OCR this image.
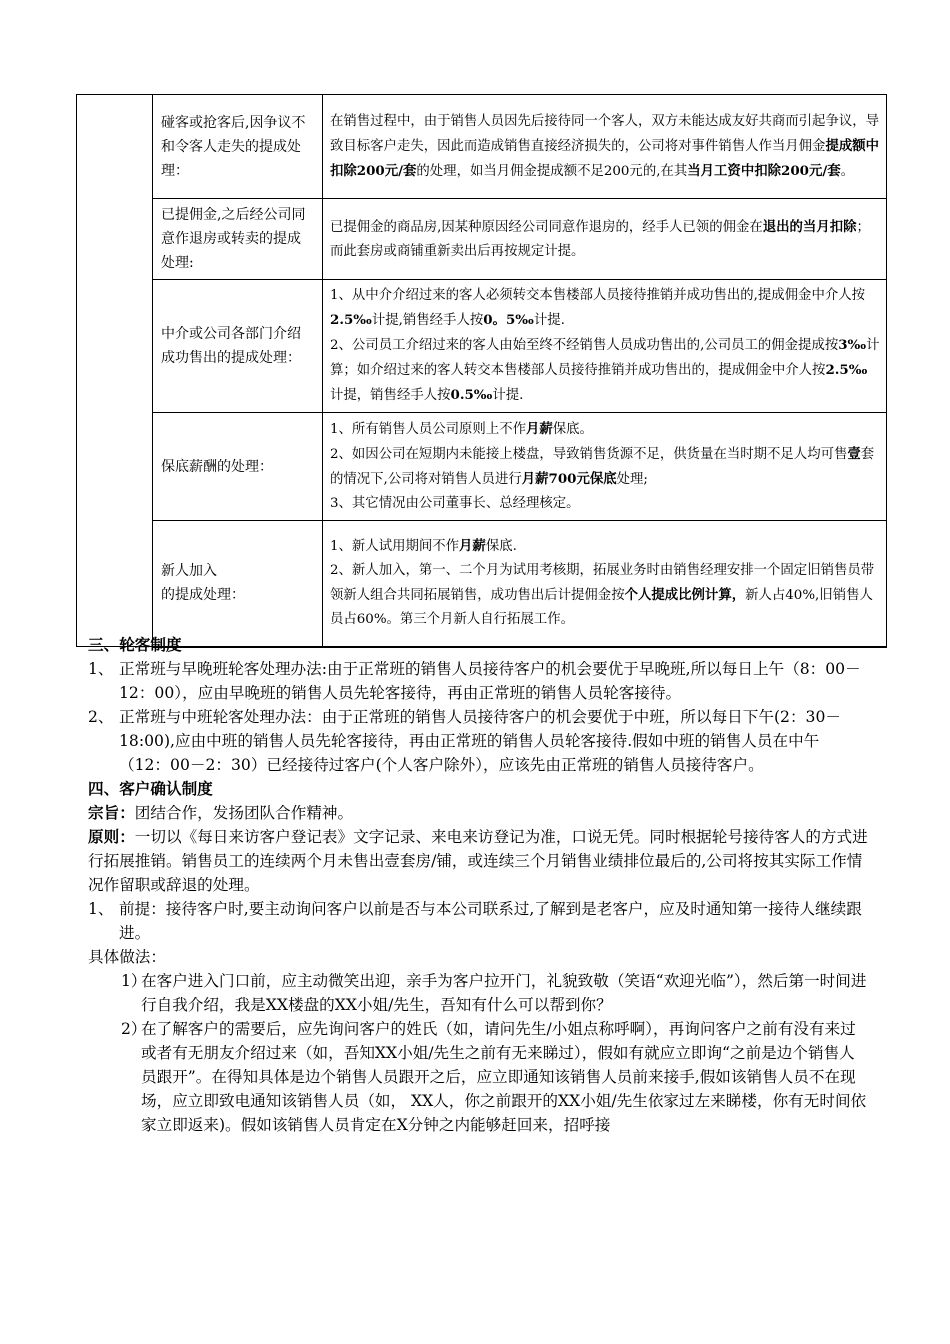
	碰客或抢客后,因争议不和令客人走失的提成处理：	在销售过程中，由于销售人员因先后接待同一个客人，双方未能达成友好共商而引起争议，导致目标客户走失，因此而造成销售直接经济损失的，公司将对事件销售人作当月佣金提成额中扣除200元/套的处理，如当月佣金提成额不足200元的,在其当月工资中扣除200元/套。
	已提佣金,之后经公司同意作退房或转卖的提成处理:	已提佣金的商品房,因某种原因经公司同意作退房的，经手人已领的佣金在退出的当月扣除；而此套房或商铺重新卖出后再按规定计提。
	中介或公司各部门介绍成功售出的提成处理：	1、从中介介绍过来的客人必须转交本售楼部人员接待推销并成功售出的,提成佣金中介人按2.5‰计提,销售经手人按0。5‰计提.
2、公司员工介绍过来的客人由始至终不经销售人员成功售出的,公司员工的佣金提成按3‰计算；如介绍过来的客人转交本售楼部人员接待推销并成功售出的，提成佣金中介人按2.5‰计提，销售经手人按0.5‰计提.
	保底薪酬的处理：	1、所有销售人员公司原则上不作月薪保底。
2、如因公司在短期内未能接上楼盘，导致销售货源不足，供货量在当时期不足人均可售壹套的情况下,公司将对销售人员进行月薪700元保底处理;
3、其它情况由公司董事长、总经理核定。
	新人加入
的提成处理：	1、新人试用期间不作月薪保底.
2、新人加入，第一、二个月为试用考核期，拓展业务时由销售经理安排一个固定旧销售员带领新人组合共同拓展销售，成功售出后计提佣金按个人提成比例计算，新人占40%,旧销售人员占60%。第三个月新人自行拓展工作。
三、轮客制度
1、 正常班与早晚班轮客处理办法:由于正常班的销售人员接待客户的机会要优于早晚班,所以每日上午（8：00－12：00），应由早晚班的销售人员先轮客接待，再由正常班的销售人员轮客接待。
2、 正常班与中班轮客处理办法：由于正常班的销售人员接待客户的机会要优于中班，所以每日下午(2：30－18:00),应由中班的销售人员先轮客接待，再由正常班的销售人员轮客接待.假如中班的销售人员在中午（12：00－2：30）已经接待过客户(个人客户除外），应该先由正常班的销售人员接待客户。
四、客户确认制度
宗旨：团结合作，发扬团队合作精神。
原则：一切以《每日来访客户登记表》文字记录、来电来访登记为准，口说无凭。同时根据轮号接待客人的方式进行拓展推销。销售员工的连续两个月未售出壹套房/铺，或连续三个月销售业绩排位最后的,公司将按其实际工作情况作留职或辞退的处理。
1、 前提：接待客户时,要主动询问客户以前是否与本公司联系过,了解到是老客户，应及时通知第一接待人继续跟进。
具体做法：
1）
在客户进入门口前，应主动微笑出迎，亲手为客户拉开门，礼貌致敬（笑语“欢迎光临”），然后第一时间进行自我介绍，我是XX楼盘的XX小姐/先生，吾知有什么可以帮到你？
2）
在了解客户的需要后，应先询问客户的姓氏（如，请问先生/小姐点称呼啊），再询问客户之前有没有来过或者有无朋友介绍过来（如，吾知XX小姐/先生之前有无来睇过），假如有就应立即询“之前是边个销售人员跟开”。在得知具体是边个销售人员跟开之后，应立即通知该销售人员前来接手,假如该销售人员不在现场，应立即致电通知该销售人员（如， XX人，你之前跟开的XX小姐/先生依家过左来睇楼，你有无时间依家立即返来)。假如该销售人员肯定在X分钟之内能够赶回来，招呼接
